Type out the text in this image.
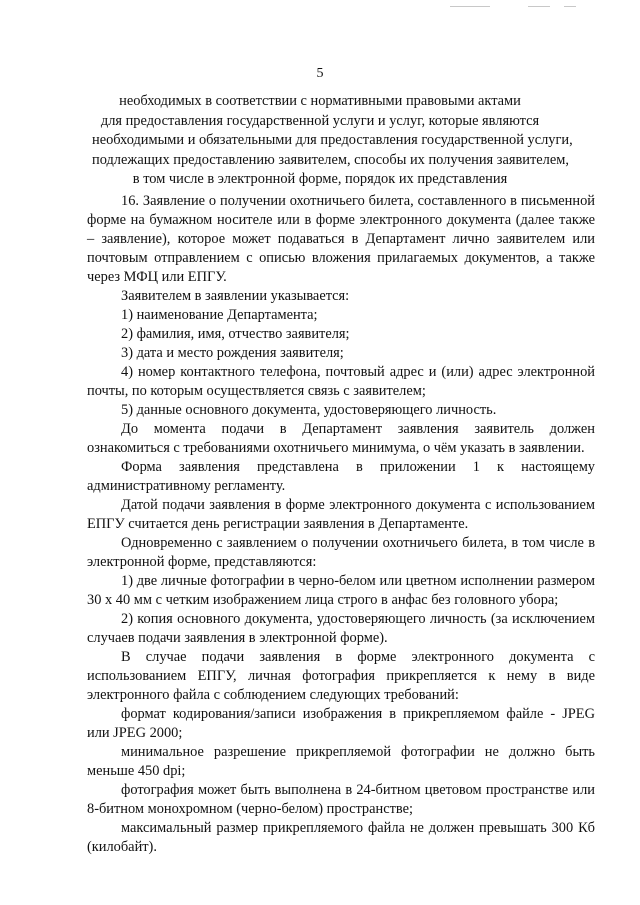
5
необходимых в соответствии с нормативными правовыми актами
для предоставления государственной услуги и услуг, которые являются
необходимыми и обязательными для предоставления государственной услуги,
подлежащих предоставлению заявителем, способы их получения заявителем,
в том числе в электронной форме, порядок их представления

16. Заявление о получении охотничьего билета, составленного в письменной форме на бумажном носителе или в форме электронного документа (далее также – заявление), которое может подаваться в Департамент лично заявителем или почтовым отправлением с описью вложения прилагаемых документов, а также через МФЦ или ЕПГУ.

Заявителем в заявлении указывается:

1) наименование Департамента;

2) фамилия, имя, отчество заявителя;

3) дата и место рождения заявителя;

4) номер контактного телефона, почтовый адрес и (или) адрес электронной почты, по которым осуществляется связь с заявителем;

5) данные основного документа, удостоверяющего личность.

До момента подачи в Департамент заявления заявитель должен ознакомиться с требованиями охотничьего минимума, о чём указать в заявлении.

Форма заявления представлена в приложении 1 к настоящему административному регламенту.

Датой подачи заявления в форме электронного документа с использованием ЕПГУ считается день регистрации заявления в Департаменте.

Одновременно с заявлением о получении охотничьего билета, в том числе в электронной форме, представляются:

1) две личные фотографии в черно-белом или цветном исполнении размером 30 х 40 мм с четким изображением лица строго в анфас без головного убора;

2) копия основного документа, удостоверяющего личность (за исключением случаев подачи заявления в электронной форме).

В случае подачи заявления в форме электронного документа с использованием ЕПГУ, личная фотография прикрепляется к нему в виде электронного файла с соблюдением следующих требований:

формат кодирования/записи изображения в прикрепляемом файле - JPEG или JPEG 2000;

минимальное разрешение прикрепляемой фотографии не должно быть меньше 450 dpi;

фотография может быть выполнена в 24-битном цветовом пространстве или 8-битном монохромном (черно-белом) пространстве;

максимальный размер прикрепляемого файла не должен превышать 300 Кб (килобайт).
